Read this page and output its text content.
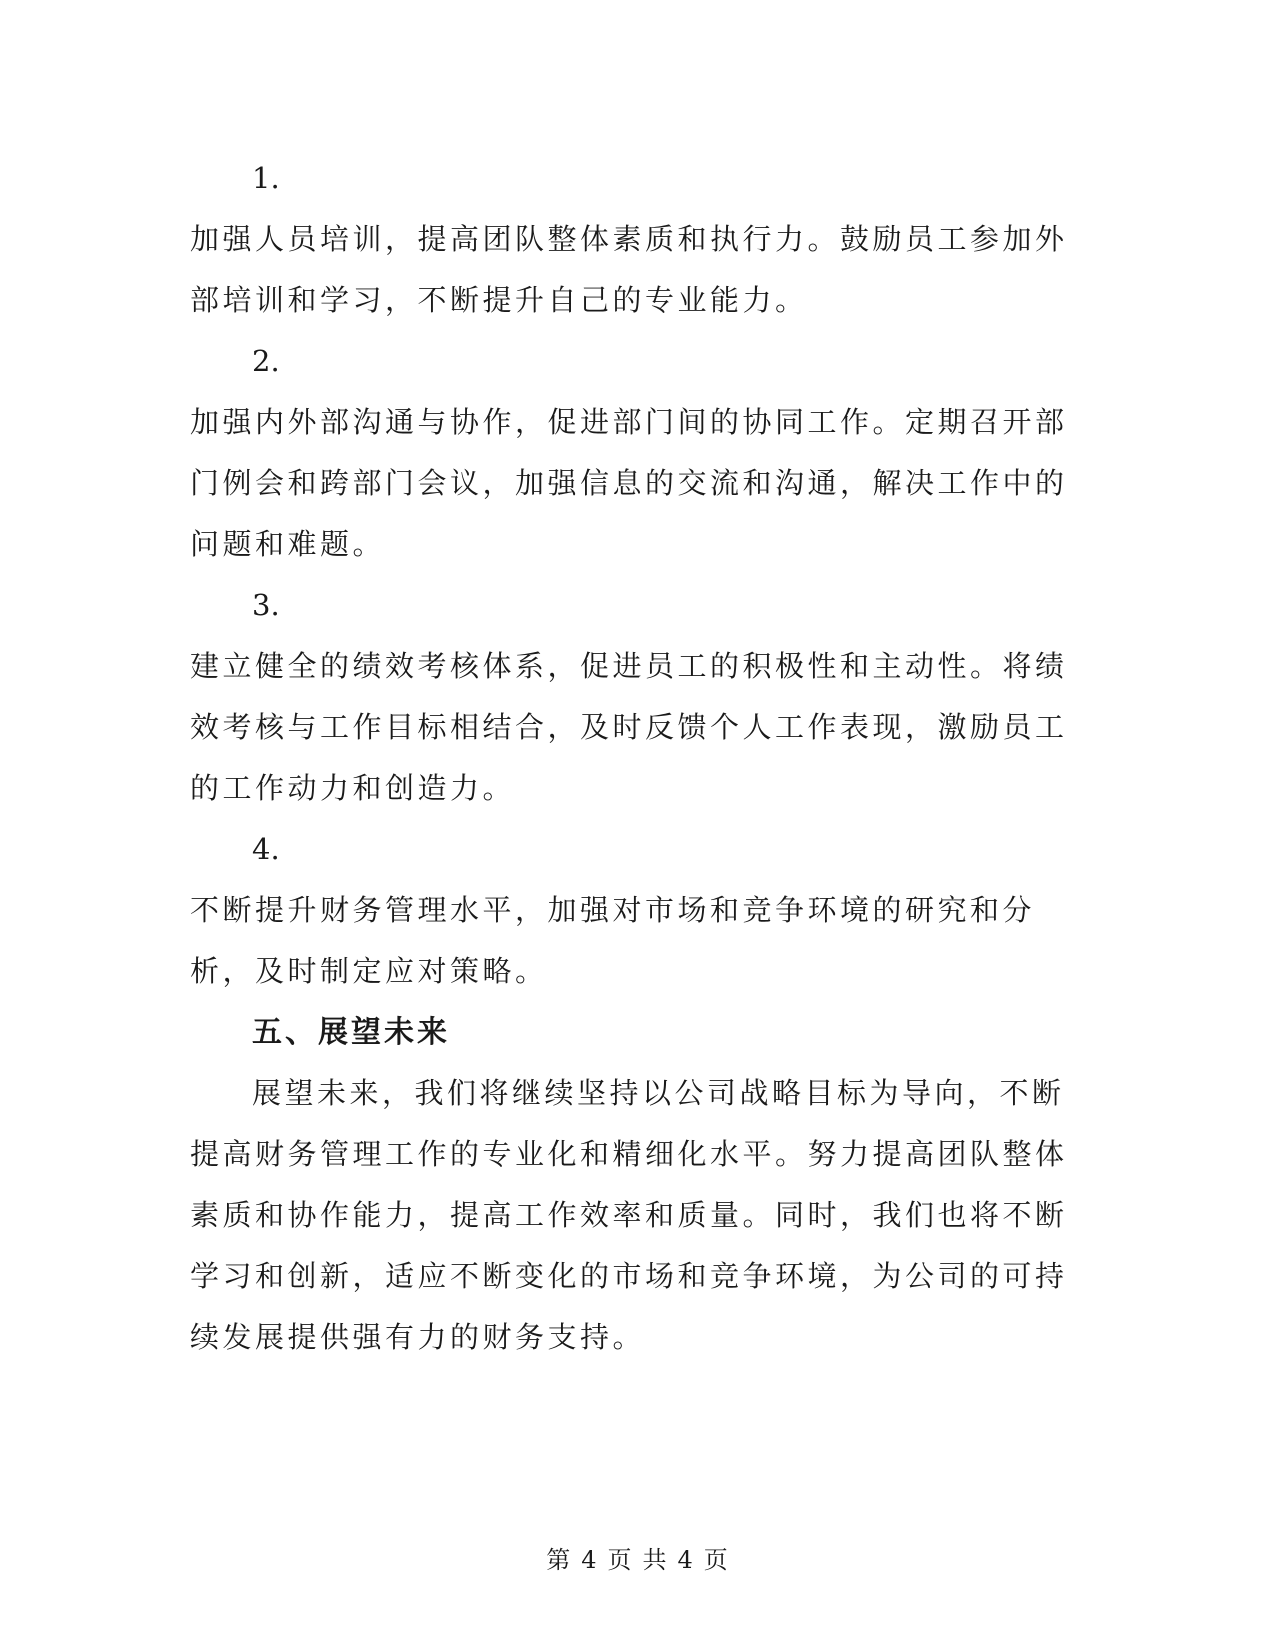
1.

加强人员培训，提高团队整体素质和执行力。鼓励员工参加外部培训和学习，不断提升自己的专业能力。

2.

加强内外部沟通与协作，促进部门间的协同工作。定期召开部门例会和跨部门会议，加强信息的交流和沟通，解决工作中的问题和难题。

3.

建立健全的绩效考核体系，促进员工的积极性和主动性。将绩效考核与工作目标相结合，及时反馈个人工作表现，激励员工的工作动力和创造力。

4.

不断提升财务管理水平，加强对市场和竞争环境的研究和分析，及时制定应对策略。

五、展望未来

展望未来，我们将继续坚持以公司战略目标为导向，不断提高财务管理工作的专业化和精细化水平。努力提高团队整体素质和协作能力，提高工作效率和质量。同时，我们也将不断学习和创新，适应不断变化的市场和竞争环境，为公司的可持续发展提供强有力的财务支持。

第 4 页 共 4 页
